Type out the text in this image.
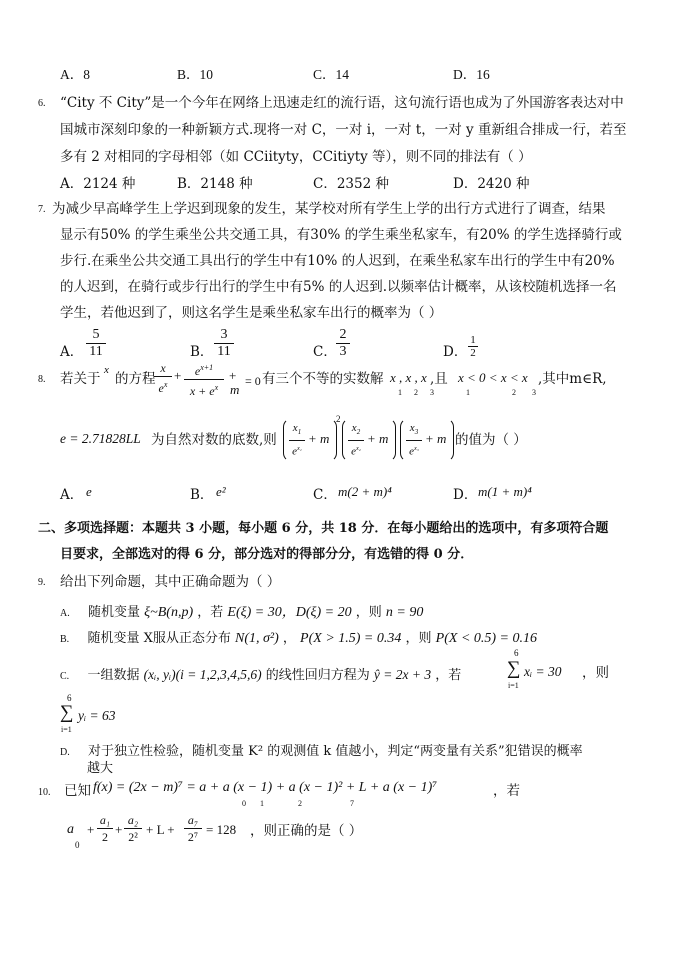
A．8	B．10	C．14	D．16
6. “City 不 City”是一个今年在网络上迅速走红的流行语，这句流行语也成为了外国游客表达对中
国城市深刻印象的一种新颖方式.现将一对 C，一对 i，一对 t，一对 y 重新组合排成一行，若至
多有 2 对相同的字母相邻（如 CCiityty，CCitiyty 等），则不同的排法有（ ）
A．2124 种	B．2148 种	C．2352 种	D．2420 种
7. 为减少早高峰学生上学迟到现象的发生，某学校对所有学生上学的出行方式进行了调查，结果
显示有50% 的学生乘坐公共交通工具，有30% 的学生乘坐私家车，有20% 的学生选择骑行或
步行.在乘坐公共交通工具出行的学生中有10% 的人迟到，在乘坐私家车出行的学生中有20%
的人迟到，在骑行或步行出行的学生中有5% 的人迟到.以频率估计概率，从该校随机选择一名
学生，若他迟到了，则这名学生是乘坐私家车出行的概率为（ ）
A．
5
11	B．
3
11	C．
2
3	D．
1
2
8. 若关于
x
的方程
x
$e^x$
+	$e^{x+1}$
$x + e^x$
+
m
= 0 有三个不等的实数解 x , x , x
1      2      3
,且 x < 0 < x < x
1                     2        3
,其中m∈R,
e = 2.71828LL 为自然对数的底数,则
$x_1$
$e^{x_1}$
+ m
2
$x_2$
$e^{x_2}$
+ m
$x_3$
$e^{x_3}$
+ m 的值为（ ）
A． e	B． e²	C． m(2 + m)⁴	D． m(1 + m)⁴
二、多项选择题：本题共 3 小题，每小题 6 分，共 18 分．在每小题给出的选项中，有多项符合题
目要求，全部选对的得 6 分，部分选对的得部分分，有选错的得 0 分．
9. 给出下列命题，其中正确命题为（ ）
A. 随机变量 ξ~B(n,p) ，若 E(ξ) = 30，D(ξ) = 20 ，则 n = 90
B. 随机变量 X服从正态分布 N(1, σ²) ， P(X > 1.5) = 0.34 ，则 P(X < 0.5) = 0.16
C. 一组数据 (xᵢ, yᵢ)(i = 1,2,3,4,5,6) 的线性回归方程为 ŷ = 2x + 3 ，若
6
∑
i=1
xᵢ = 30 ，则
6
∑
i=1
yᵢ = 63
D. 对于独立性检验，随机变量 K² 的观测值 k 值越小，判定“两变量有关系”犯错误的概率
越大
10. 已知 f(x) = (2x − m)⁷ = a + a (x − 1) + a (x − 1)² + L + a (x − 1)⁷
0       1                 2                        7
，若
a
0
+
a₁
2 +
a₂
2² + L +
a₇
2⁷ = 128 ，则正确的是（ ）
